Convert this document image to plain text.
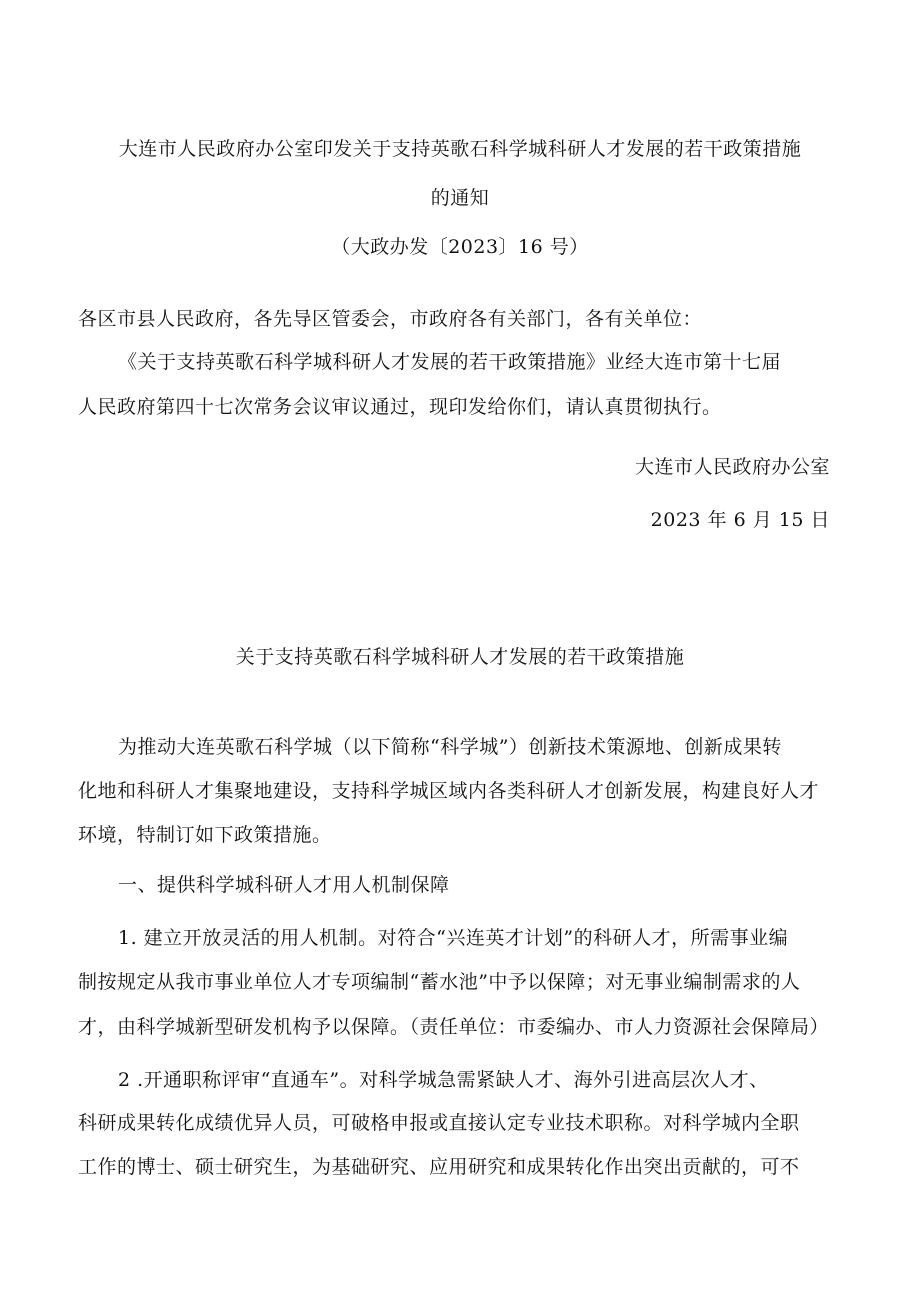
大连市人民政府办公室印发关于支持英歌石科学城科研人才发展的若干政策措施
的通知
（大政办发〔2023〕16 号）
各区市县人民政府，各先导区管委会，市政府各有关部门，各有关单位：
《关于支持英歌石科学城科研人才发展的若干政策措施》业经大连市第十七届
人民政府第四十七次常务会议审议通过，现印发给你们，请认真贯彻执行。
大连市人民政府办公室
2023 年 6 月 15 日
关于支持英歌石科学城科研人才发展的若干政策措施
为推动大连英歌石科学城（以下简称“科学城”）创新技术策源地、创新成果转
化地和科研人才集聚地建设，支持科学城区域内各类科研人才创新发展，构建良好人才
环境，特制订如下政策措施。
一、提供科学城科研人才用人机制保障
1. 建立开放灵活的用人机制。对符合“兴连英才计划”的科研人才，所需事业编
制按规定从我市事业单位人才专项编制“蓄水池”中予以保障；对无事业编制需求的人
才，由科学城新型研发机构予以保障。（责任单位：市委编办、市人力资源社会保障局）
2 .开通职称评审“直通车”。对科学城急需紧缺人才、海外引进高层次人才、
科研成果转化成绩优异人员，可破格申报或直接认定专业技术职称。对科学城内全职
工作的博士、硕士研究生，为基础研究、应用研究和成果转化作出突出贡献的，可不
